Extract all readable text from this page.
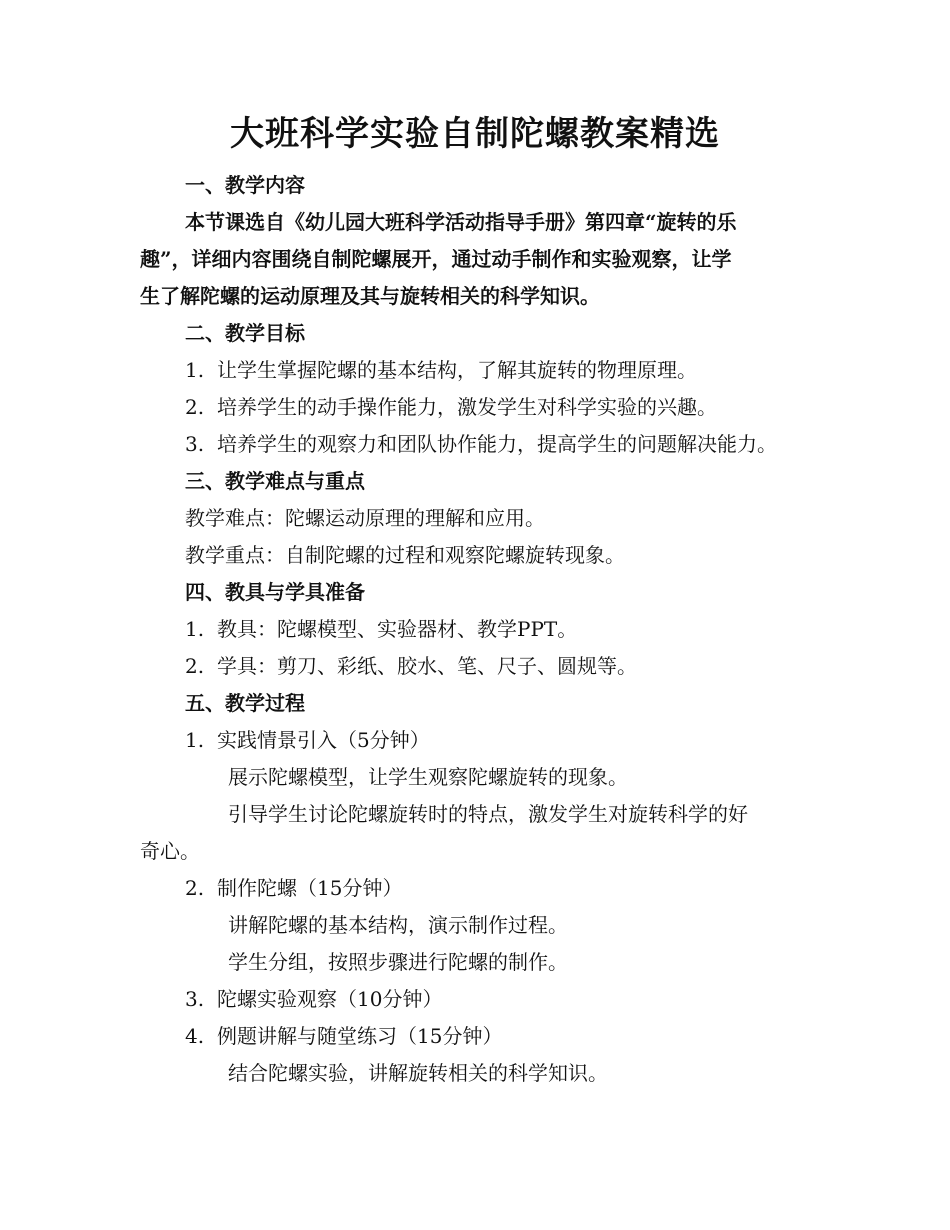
大班科学实验自制陀螺教案精选
一、教学内容
本节课选自《幼儿园大班科学活动指导手册》第四章“旋转的乐
趣”，详细内容围绕自制陀螺展开，通过动手制作和实验观察，让学
生了解陀螺的运动原理及其与旋转相关的科学知识。
二、教学目标
1. 让学生掌握陀螺的基本结构，了解其旋转的物理原理。
2. 培养学生的动手操作能力，激发学生对科学实验的兴趣。
3. 培养学生的观察力和团队协作能力，提高学生的问题解决能力。
三、教学难点与重点
教学难点：陀螺运动原理的理解和应用。
教学重点：自制陀螺的过程和观察陀螺旋转现象。
四、教具与学具准备
1. 教具：陀螺模型、实验器材、教学PPT。
2. 学具：剪刀、彩纸、胶水、笔、尺子、圆规等。
五、教学过程
1. 实践情景引入（5分钟）
展示陀螺模型，让学生观察陀螺旋转的现象。
引导学生讨论陀螺旋转时的特点，激发学生对旋转科学的好
奇心。
2. 制作陀螺（15分钟）
讲解陀螺的基本结构，演示制作过程。
学生分组，按照步骤进行陀螺的制作。
3. 陀螺实验观察（10分钟）
4. 例题讲解与随堂练习（15分钟）
结合陀螺实验，讲解旋转相关的科学知识。
